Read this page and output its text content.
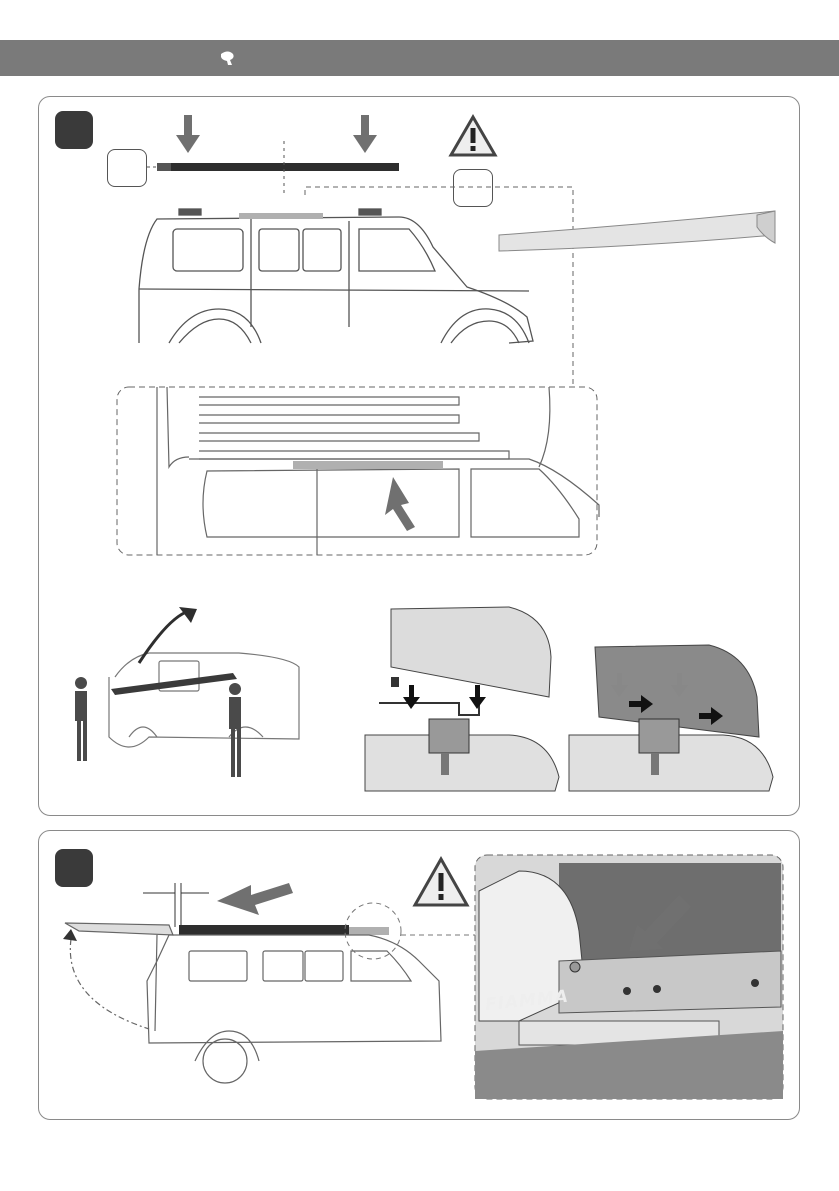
FIAMMA
